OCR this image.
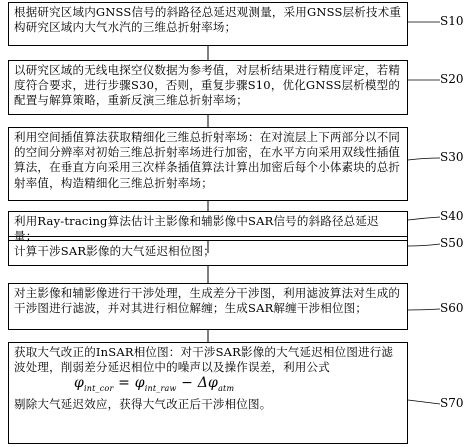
根据研究区域内GNSS信号的斜路径总延迟观测量，采用GNSS层析技术重构研究区域内大气水汽的三维总折射率场；	S10

以研究区域的无线电探空仪数据为参考值，对层析结果进行精度评定，若精度符合要求，进行步骤S30，否则，重复步骤S10，优化GNSS层析模型的配置与解算策略，重新反演三维总折射率场；

S20

利用空间插值算法获取精细化三维总折射率场：在对流层上下两部分以不同的空间分辨率对初始三维总折射率场进行加密，在水平方向采用双线性插值算法，在垂直方向采用三次样条插值算法计算出加密后每个小体素块的总折射率值，构造精细化三维总折射率场；

S30

利用Ray-tracing算法估计主影像和辅影像中SAR信号的斜路径总延迟量；

S40

计算干涉SAR影像的大气延迟相位图；

S50

对主影像和辅影像进行干涉处理，生成差分干涉图，利用滤波算法对生成的干涉图进行滤波，并对其进行相位解缠；生成SAR解缠干涉相位图；	S60

获取大气改正的InSAR相位图：对干涉SAR影像的大气延迟相位图进行滤波处理，削弱差分延迟相位中的噪声以及操作误差，利用公式

$\varphi_{int\_cor} = \varphi_{int\_raw} - \Delta\varphi_{atm}$

剔除大气延迟效应，获得大气改正后干涉相位图。	S70
